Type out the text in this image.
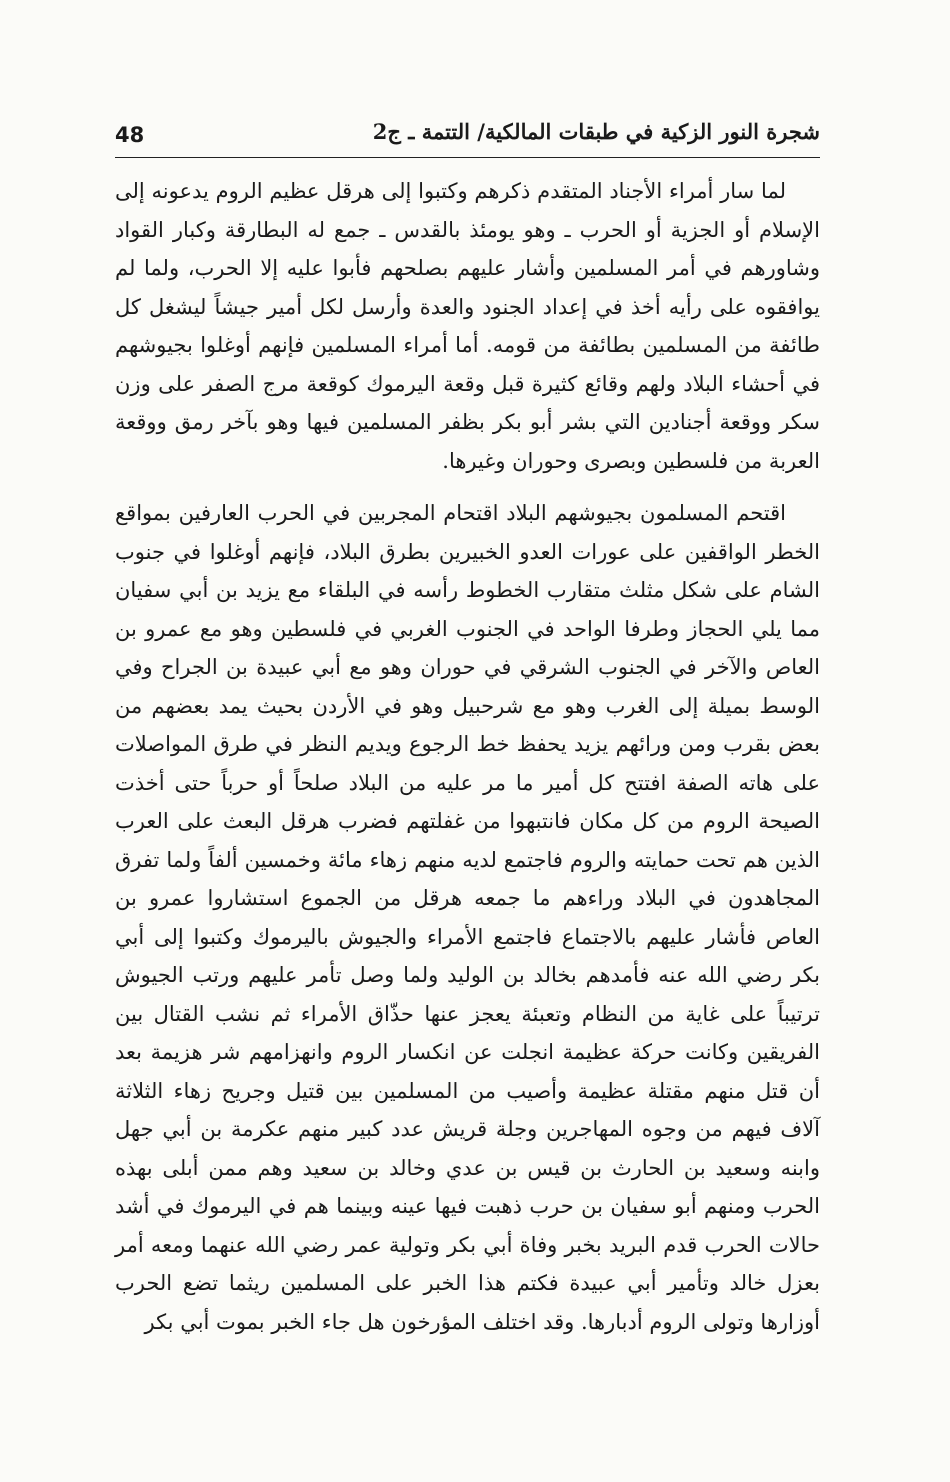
48	شجرة النور الزكية في طبقات المالكية/ التتمة ـ ج2

لما سار أمراء الأجناد المتقدم ذكرهم وكتبوا إلى هرقل عظيم الروم يدعونه إلى الإسلام أو الجزية أو الحرب ـ وهو يومئذ بالقدس ـ جمع له البطارقة وكبار القواد وشاورهم في أمر المسلمين وأشار عليهم بصلحهم فأبوا عليه إلا الحرب، ولما لم يوافقوه على رأيه أخذ في إعداد الجنود والعدة وأرسل لكل أمير جيشاً ليشغل كل طائفة من المسلمين بطائفة من قومه. أما أمراء المسلمين فإنهم أوغلوا بجيوشهم في أحشاء البلاد ولهم وقائع كثيرة قبل وقعة اليرموك كوقعة مرج الصفر على وزن سكر ووقعة أجنادين التي بشر أبو بكر بظفر المسلمين فيها وهو بآخر رمق ووقعة العربة من فلسطين وبصرى وحوران وغيرها.

اقتحم المسلمون بجيوشهم البلاد اقتحام المجربين في الحرب العارفين بمواقع الخطر الواقفين على عورات العدو الخبيرين بطرق البلاد، فإنهم أوغلوا في جنوب الشام على شكل مثلث متقارب الخطوط رأسه في البلقاء مع يزيد بن أبي سفيان مما يلي الحجاز وطرفا الواحد في الجنوب الغربي في فلسطين وهو مع عمرو بن العاص والآخر في الجنوب الشرقي في حوران وهو مع أبي عبيدة بن الجراح وفي الوسط بميلة إلى الغرب وهو مع شرحبيل وهو في الأردن بحيث يمد بعضهم من بعض بقرب ومن ورائهم يزيد يحفظ خط الرجوع ويديم النظر في طرق المواصلات على هاته الصفة افتتح كل أمير ما مر عليه من البلاد صلحاً أو حرباً حتى أخذت الصيحة الروم من كل مكان فانتبهوا من غفلتهم فضرب هرقل البعث على العرب الذين هم تحت حمايته والروم فاجتمع لديه منهم زهاء مائة وخمسين ألفاً ولما تفرق المجاهدون في البلاد وراءهم ما جمعه هرقل من الجموع استشاروا عمرو بن العاص فأشار عليهم بالاجتماع فاجتمع الأمراء والجيوش باليرموك وكتبوا إلى أبي بكر رضي الله عنه فأمدهم بخالد بن الوليد ولما وصل تأمر عليهم ورتب الجيوش ترتيباً على غاية من النظام وتعبئة يعجز عنها حذّاق الأمراء ثم نشب القتال بين الفريقين وكانت حركة عظيمة انجلت عن انكسار الروم وانهزامهم شر هزيمة بعد أن قتل منهم مقتلة عظيمة وأصيب من المسلمين بين قتيل وجريح زهاء الثلاثة آلاف فيهم من وجوه المهاجرين وجلة قريش عدد كبير منهم عكرمة بن أبي جهل وابنه وسعيد بن الحارث بن قيس بن عدي وخالد بن سعيد وهم ممن أبلى بهذه الحرب ومنهم أبو سفيان بن حرب ذهبت فيها عينه وبينما هم في اليرموك في أشد حالات الحرب قدم البريد بخبر وفاة أبي بكر وتولية عمر رضي الله عنهما ومعه أمر بعزل خالد وتأمير أبي عبيدة فكتم هذا الخبر على المسلمين ريثما تضع الحرب أوزارها وتولى الروم أدبارها. وقد اختلف المؤرخون هل جاء الخبر بموت أبي بكر
